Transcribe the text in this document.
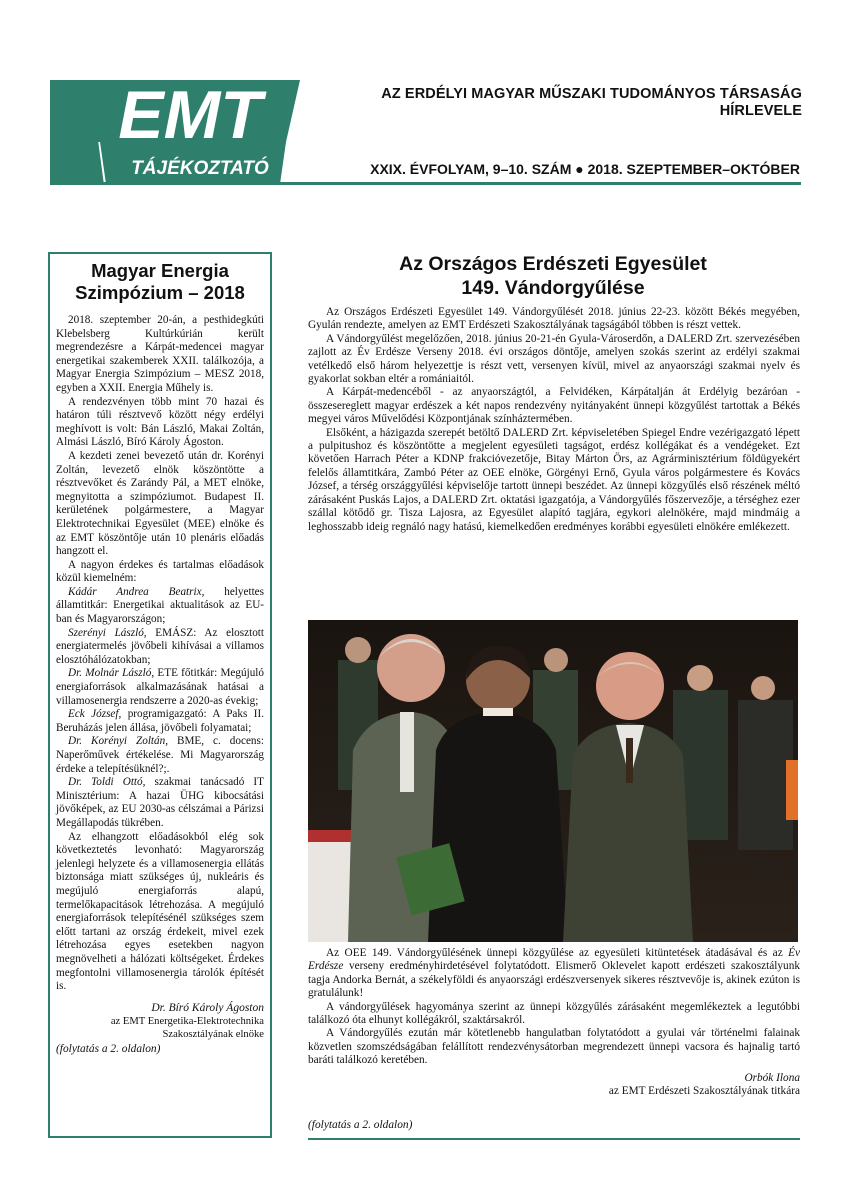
EMT
TÁJÉKOZTATÓ
AZ ERDÉLYI MAGYAR MŰSZAKI TUDOMÁNYOS TÁRSASÁG
HÍRLEVELE
XXIX. ÉVFOLYAM, 9–10. SZÁM ● 2018. SZEPTEMBER–OKTÓBER
Magyar Energia
Szimpózium – 2018

2018. szeptember 20-án, a pesthidegkúti Klebelsberg Kultúrkúrián került megrendezésre a Kárpát-medencei magyar energetikai szakemberek XXII. találkozója, a Magyar Energia Szimpózium – MESZ 2018, egyben a XXII. Energia Műhely is.

A rendezvényen több mint 70 hazai és határon túli résztvevő között négy erdélyi meghívott is volt: Bán László, Makai Zoltán, Almási László, Bíró Károly Ágoston.

A kezdeti zenei bevezető után dr. Korényi Zoltán, levezető elnök köszöntötte a résztvevőket és Zarándy Pál, a MET elnöke, megnyitotta a szimpóziumot. Budapest II. kerületének polgármestere, a Magyar Elektrotechnikai Egyesület (MEE) elnöke és az EMT köszöntője után 10 plenáris előadás hangzott el.

A nagyon érdekes és tartalmas előadások közül kiemelném:

Kádár Andrea Beatrix, helyettes államtitkár: Energetikai aktualitások az EU-ban és Magyarországon;

Szerényi László, EMÁSZ: Az elosztott energiatermelés jövőbeli kihívásai a villamos elosztóhálózatokban;

Dr. Molnár László, ETE főtitkár: Megújuló energiaforrások alkalmazásának hatásai a villamosenergia rendszerre a 2020-as évekig;

Eck József, programigazgató: A Paks II. Beruházás jelen állása, jövőbeli folyamatai;

Dr. Korényi Zoltán, BME, c. docens: Naperőművek értékelése. Mi Magyarország érdeke a telepítésüknél?;.

Dr. Toldi Ottó, szakmai tanácsadó IT Minisztérium: A hazai ÜHG kibocsátási jövőképek, az EU 2030-as célszámai a Párizsi Megállapodás tükrében.

Az elhangzott előadásokból elég sok következtetés levonható: Magyarország jelenlegi helyzete és a villamosenergia ellátás biztonsága miatt szükséges új, nukleáris és megújuló energiaforrás alapú, termelőkapacitások létrehozása. A megújuló energiaforrások telepítésénél szükséges szem előtt tartani az ország érdekeit, mivel ezek létrehozása egyes esetekben nagyon megnövelheti a hálózati költségeket. Érdekes megfontolni villamosenergia tárolók építését is.

Dr. Bíró Károly Ágoston
az EMT Energetika-Elektrotechnika
Szakosztályának elnöke
(folytatás a 2. oldalon)
Az Országos Erdészeti Egyesület
149. Vándorgyűlése

Az Országos Erdészeti Egyesület 149. Vándorgyűlését 2018. június 22-23. között Békés megyében, Gyulán rendezte, amelyen az EMT Erdészeti Szakosztályának tagságából többen is részt vettek.

A Vándorgyűlést megelőzően, 2018. június 20-21-én Gyula-Városerdőn, a DALERD Zrt. szervezésében zajlott az Év Erdésze Verseny 2018. évi országos döntője, amelyen szokás szerint az erdélyi szakmai vetélkedő első három helyezettje is részt vett, versenyen kívül, mivel az anyaországi szakmai nyelv és gyakorlat sokban eltér a romániaitól.

A Kárpát-medencéből - az anyaországtól, a Felvidéken, Kárpátalján át Erdélyig bezáróan - összesereglett magyar erdészek a két napos rendezvény nyitányaként ünnepi közgyűlést tartottak a Békés megyei város Művelődési Központjának színháztermében.

Elsőként, a házigazda szerepét betöltő DALERD Zrt. képviseletében Spiegel Endre vezérigazgató lépett a pulpitushoz és köszöntötte a megjelent egyesületi tagságot, erdész kollégákat és a vendégeket. Ezt követően Harrach Péter a KDNP frakcióvezetője, Bitay Márton Örs, az Agrárminisztérium földügyekért felelős államtitkára, Zambó Péter az OEE elnöke, Görgényi Ernő, Gyula város polgármestere és Kovács József, a térség országgyűlési képviselője tartott ünnepi beszédet. Az ünnepi közgyűlés első részének méltó zárásaként Puskás Lajos, a DALERD Zrt. oktatási igazgatója, a Vándorgyűlés főszervezője, a térséghez ezer szállal kötődő gr. Tisza Lajosra, az Egyesület alapító tagjára, egykori alelnökére, majd mindmáig a leghosszabb ideig regnáló nagy hatású, kiemelkedően eredményes korábbi egyesületi elnökére emlékezett.

Az OEE 149. Vándorgyűlésének ünnepi közgyűlése az egyesületi kitüntetések átadásával és az Év Erdésze verseny eredményhirdetésével folytatódott. Elismerő Oklevelet kapott erdészeti szakosztályunk tagja Andorka Bernát, a székelyföldi és anyaországi erdészversenyek sikeres résztvevője is, akinek ezúton is gratulálunk!

A vándorgyűlések hagyománya szerint az ünnepi közgyűlés zárásaként megemlékeztek a legutóbbi találkozó óta elhunyt kollégákról, szaktársakról.

A Vándorgyűlés ezután már kötetlenebb hangulatban folytatódott a gyulai vár történelmi falainak közvetlen szomszédságában felállított rendezvénysátorban megrendezett ünnepi vacsora és hajnalig tartó baráti találkozó keretében.

Orbók Ilona
az EMT Erdészeti Szakosztályának titkára
(folytatás a 2. oldalon)
